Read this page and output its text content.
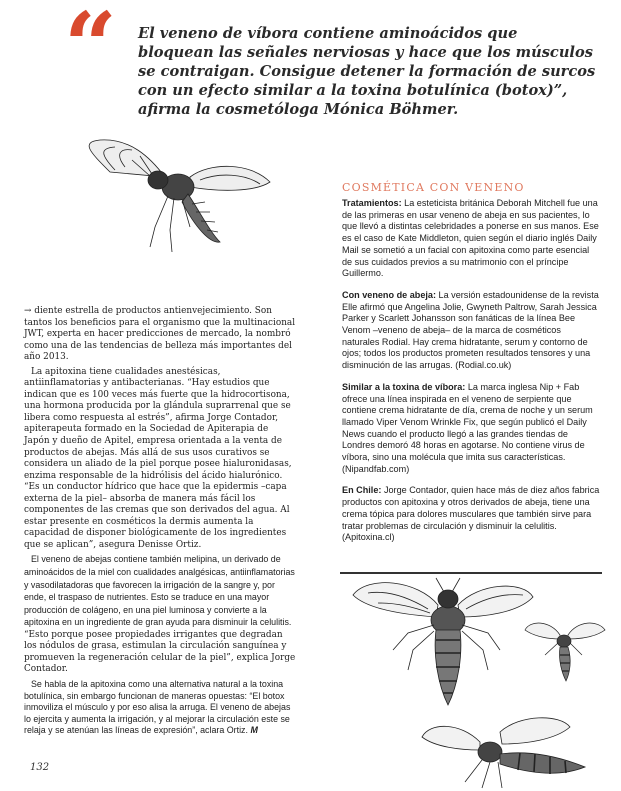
“ El veneno de víbora contiene aminoácidos que bloquean las señales nerviosas y hace que los músculos se contraigan. Consigue detener la formación de surcos con un efecto similar a la toxina botulínica (botox)”, afirma la cosmetóloga Mónica Böhmer.

COSMÉTICA CON VENENO

Tratamientos: La esteticista británica Deborah Mitchell fue una de las primeras en usar veneno de abeja en sus pacientes, lo que llevó a distintas celebridades a ponerse en sus manos. Ese es el caso de Kate Middleton, quien según el diario inglés Daily Mail se sometió a un facial con apitoxina como parte esencial de sus cuidados previos a su matrimonio con el príncipe Guillermo.

Con veneno de abeja: La versión estadounidense de la revista Elle afirmó que Angelina Jolie, Gwyneth Paltrow, Sarah Jessica Parker y Scarlett Johansson son fanáticas de la línea Bee Venom –veneno de abeja– de la marca de cosméticos naturales Rodial. Hay crema hidratante, serum y contorno de ojos; todos los productos prometen resultados tensores y una disminución de las arrugas. (Rodial.co.uk)

Similar a la toxina de víbora: La marca inglesa Nip + Fab ofrece una línea inspirada en el veneno de serpiente que contiene crema hidratante de día, crema de noche y un serum llamado Viper Venom Wrinkle Fix, que según publicó el Daily News cuando el producto llegó a las grandes tiendas de Londres demoró 48 horas en agotarse. No contiene virus de víbora, sino una molécula que imita sus características. (Nipandfab.com)

En Chile: Jorge Contador, quien hace más de diez años fabrica productos con apitoxina y otros derivados de abeja, tiene una crema tópica para dolores musculares que también sirve para tratar problemas de circulación y disminuir la celulitis. (Apitoxina.cl)

→ diente estrella de productos antienvejecimiento. Son tantos los beneficios para el organismo que la multinacional JWT, experta en hacer predicciones de mercado, la nombró como una de las tendencias de belleza más importantes del año 2013.

La apitoxina tiene cualidades anestésicas, antiinflamatorias y antibacterianas. “Hay estudios que indican que es 100 veces más fuerte que la hidrocortisona, una hormona producida por la glándula suprarrenal que se libera como respuesta al estrés”, afirma Jorge Contador, apiterapeuta formado en la Sociedad de Apiterapia de Japón y dueño de Apitel, empresa orientada a la venta de productos de abejas. Más allá de sus usos curativos se considera un aliado de la piel porque posee hialuronidasas, enzima responsable de la hidrólisis del ácido hialurónico. “Es un conductor hídrico que hace que la epidermis –capa externa de la piel– absorba de manera más fácil los componentes de las cremas que son derivados del agua. Al estar presente en cosméticos la dermis aumenta la capacidad de disponer biológicamente de los ingredientes que se aplican”, asegura Denisse Ortiz.

El veneno de abejas contiene también melipina, un derivado de aminoácidos de la miel con cualidades analgésicas, antiinflamatorias y vasodilatadoras que favorecen la irrigación de la sangre y, por ende, el traspaso de nutrientes. Esto se traduce en una mayor producción de colágeno, en una piel luminosa y convierte a la apitoxina en un ingrediente de gran ayuda para disminuir la celulitis. “Esto porque posee propiedades irrigantes que degradan los nódulos de grasa, estimulan la circulación sanguínea y promueven la regeneración celular de la piel”, explica Jorge Contador.

Se habla de la apitoxina como una alternativa natural a la toxina botulínica, sin embargo funcionan de maneras opuestas: “El botox inmoviliza el músculo y por eso alisa la arruga. El veneno de abejas lo ejercita y aumenta la irrigación, y al mejorar la circulación este se relaja y se atenúan las líneas de expresión”, aclara Ortiz. M

132
